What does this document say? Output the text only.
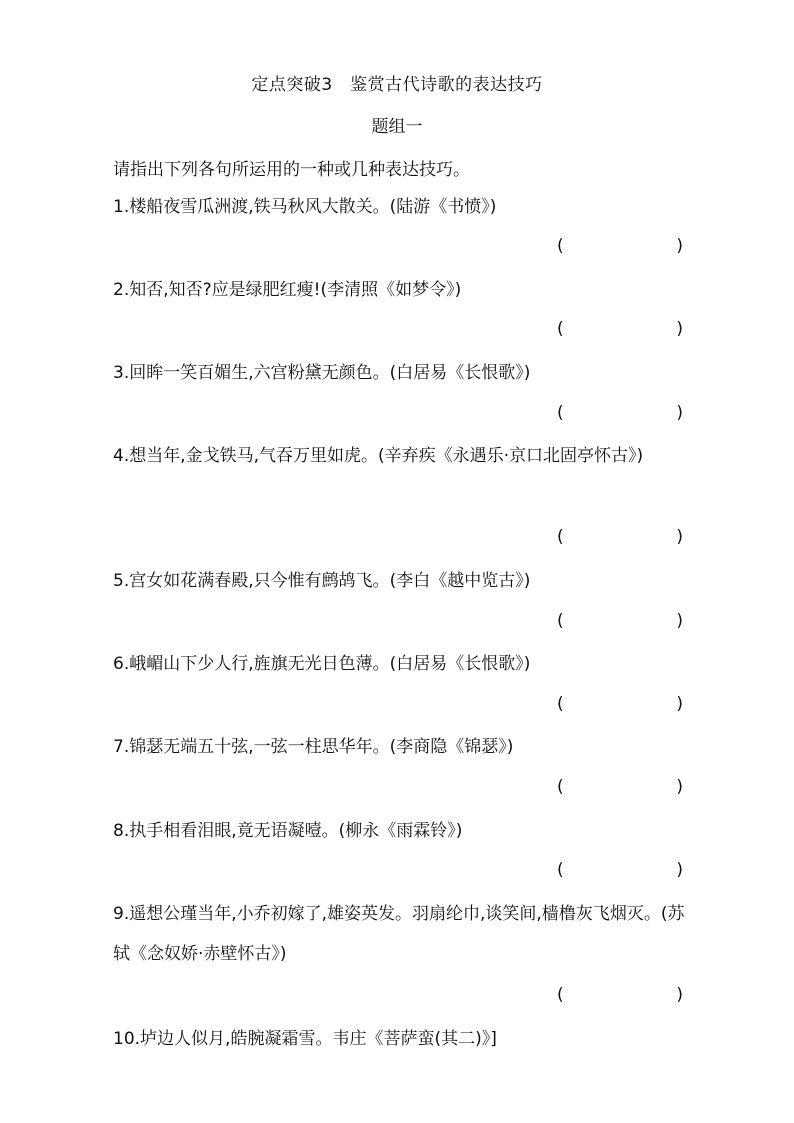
定点突破3　鉴赏古代诗歌的表达技巧
题组一
请指出下列各句所运用的一种或几种表达技巧。
1.楼船夜雪瓜洲渡,铁马秋风大散关。(陆游《书愤》)
(	)
2.知否,知否?应是绿肥红瘦!(李清照《如梦令》)
(	)
3.回眸一笑百媚生,六宫粉黛无颜色。(白居易《长恨歌》)
(	)
4.想当年,金戈铁马,气吞万里如虎。(辛弃疾《永遇乐·京口北固亭怀古》)
(	)
5.宫女如花满春殿,只今惟有鹧鸪飞。(李白《越中览古》)
(	)
6.峨嵋山下少人行,旌旗无光日色薄。(白居易《长恨歌》)
(	)
7.锦瑟无端五十弦,一弦一柱思华年。(李商隐《锦瑟》)
(	)
8.执手相看泪眼,竟无语凝噎。(柳永《雨霖铃》)
(	)
9.遥想公瑾当年,小乔初嫁了,雄姿英发。羽扇纶巾,谈笑间,樯橹灰飞烟灭。(苏轼《念奴娇·赤壁怀古》)
(	)
10.垆边人似月,皓腕凝霜雪。韦庄《菩萨蛮(其二)》]
